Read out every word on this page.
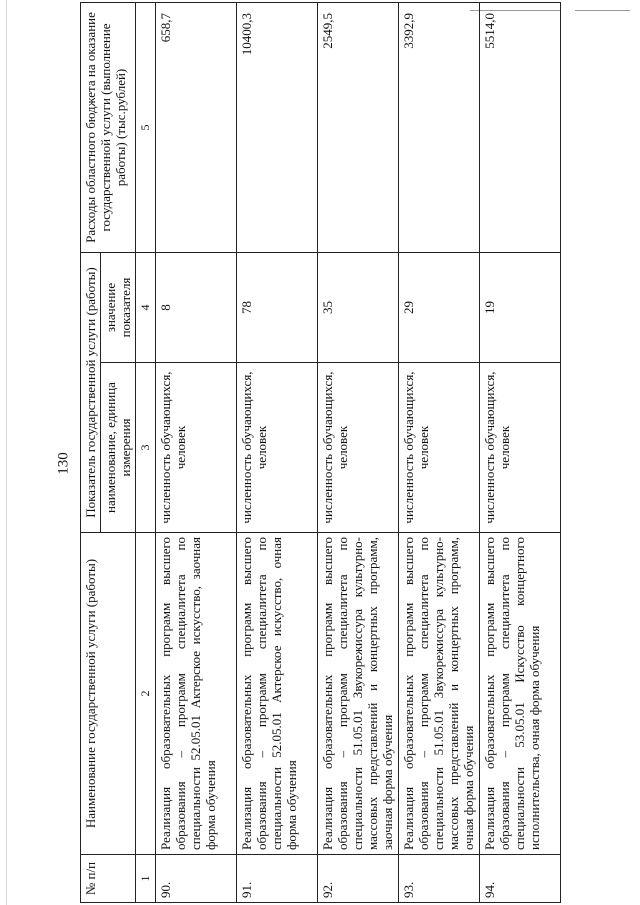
130
№ п/п	Наименование государственной услуги (работы)	Показатель государственной услуги (работы)		Расходы областного бюджета на оказание государственной услуги (выполнение работы) (тыс.рублей)
		наименование, единица измерения	значение показателя	
1	2	3	4	5
90.	Реализация образовательных программ высшего образования – программ специалитета по специальности 52.05.01 Актерское искусство, заочная форма обучения	численность обучающихся, человек	8	658,7
91.	Реализация образовательных программ высшего образования – программ специалитета по специальности 52.05.01 Актерское искусство, очная форма обучения	численность обучающихся, человек	78	10400,3
92.	Реализация образовательных программ высшего образования – программ специалитета по специальности 51.05.01 Звукорежиссура культурно-массовых представлений и концертных программ, заочная форма обучения	численность обучающихся, человек	35	2549,5
93.	Реализация образовательных программ высшего образования – программ специалитета по специальности 51.05.01 Звукорежиссура культурно-массовых представлений и концертных программ, очная форма обучения	численность обучающихся, человек	29	3392,9
94.	Реализация образовательных программ высшего образования – программ специалитета по специальности 53.05.01 Искусство концертного исполнительства, очная форма обучения	численность обучающихся, человек	19	5514,0
